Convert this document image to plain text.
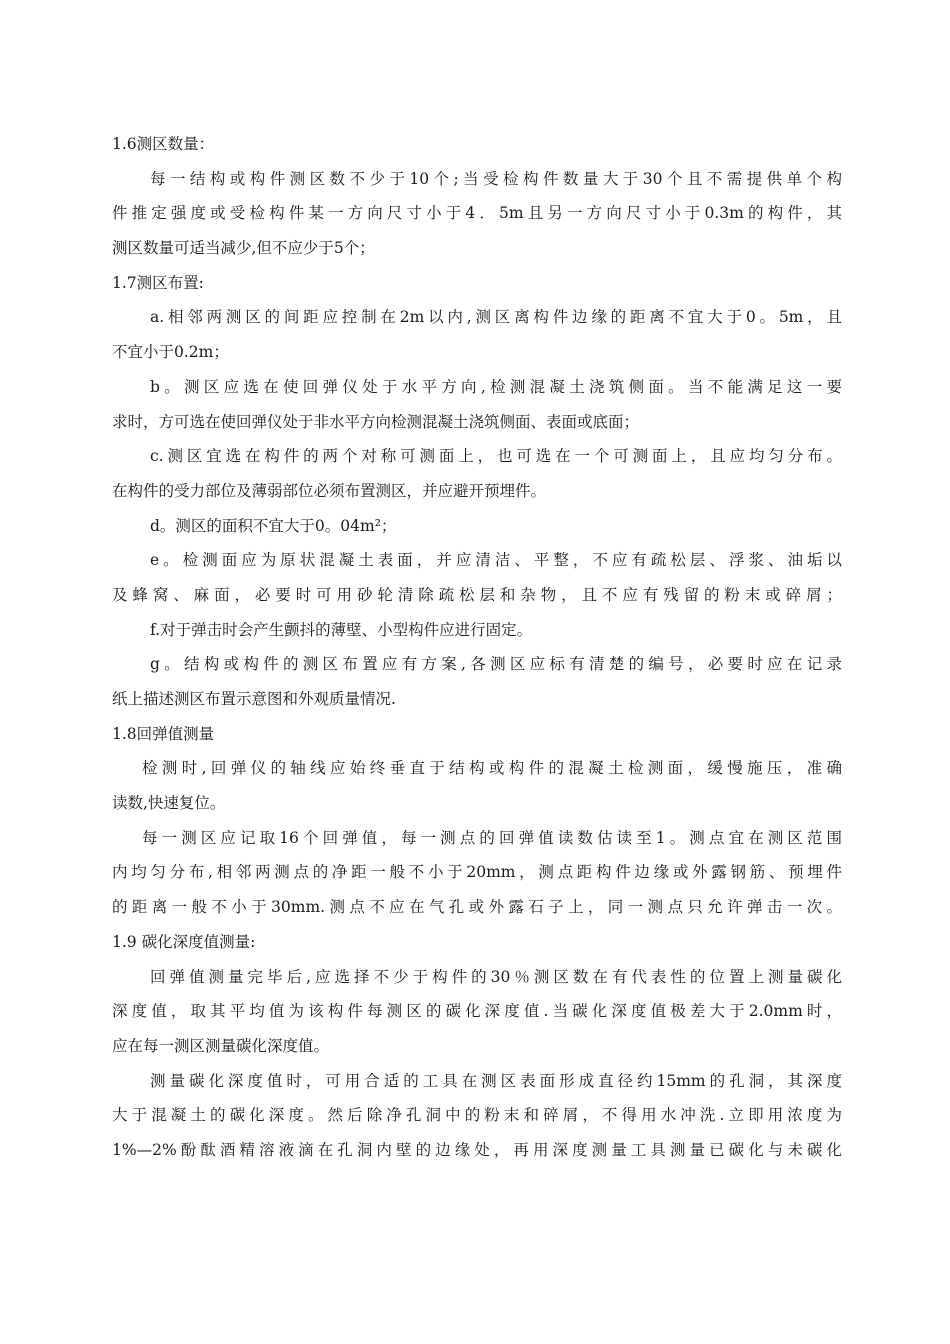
1.6测区数量：
每一结构或构件测区数不少于10个;当受检构件数量大于30个且不需提供单个构
件推定强度或受检构件某一方向尺寸小于4．5m且另一方向尺寸小于0.3m的构件，其
测区数量可适当减少,但不应少于5个；
1.7测区布置:
a.相邻两测区的间距应控制在2m以内,测区离构件边缘的距离不宜大于0。5m，且
不宜小于0.2m；
b。测区应选在使回弹仪处于水平方向,检测混凝土浇筑侧面。当不能满足这一要
求时，方可选在使回弹仪处于非水平方向检测混凝土浇筑侧面、表面或底面；
c.测区宜选在构件的两个对称可测面上，也可选在一个可测面上，且应均匀分布。
在构件的受力部位及薄弱部位必须布置测区，并应避开预埋件。
d。测区的面积不宜大于0。04m²；
e。检测面应为原状混凝土表面，并应清洁、平整，不应有疏松层、浮浆、油垢以
及蜂窝、麻面，必要时可用砂轮清除疏松层和杂物，且不应有残留的粉末或碎屑；
f.对于弹击时会产生颤抖的薄壁、小型构件应进行固定。
g。结构或构件的测区布置应有方案,各测区应标有清楚的编号，必要时应在记录
纸上描述测区布置示意图和外观质量情况.
1.8回弹值测量
检测时,回弹仪的轴线应始终垂直于结构或构件的混凝土检测面，缓慢施压，准确
读数,快速复位。
每一测区应记取16个回弹值，每一测点的回弹值读数估读至1。测点宜在测区范围
内均匀分布,相邻两测点的净距一般不小于20mm，测点距构件边缘或外露钢筋、预埋件
的距离一般不小于30mm.测点不应在气孔或外露石子上，同一测点只允许弹击一次。
1.9 碳化深度值测量:
回弹值测量完毕后,应选择不少于构件的30％测区数在有代表性的位置上测量碳化
深度值，取其平均值为该构件每测区的碳化深度值.当碳化深度值极差大于2.0mm时，
应在每一测区测量碳化深度值。
测量碳化深度值时，可用合适的工具在测区表面形成直径约15mm的孔洞，其深度
大于混凝土的碳化深度。然后除净孔洞中的粉末和碎屑，不得用水冲洗.立即用浓度为
1%—2%酚酞酒精溶液滴在孔洞内壁的边缘处，再用深度测量工具测量已碳化与未碳化
